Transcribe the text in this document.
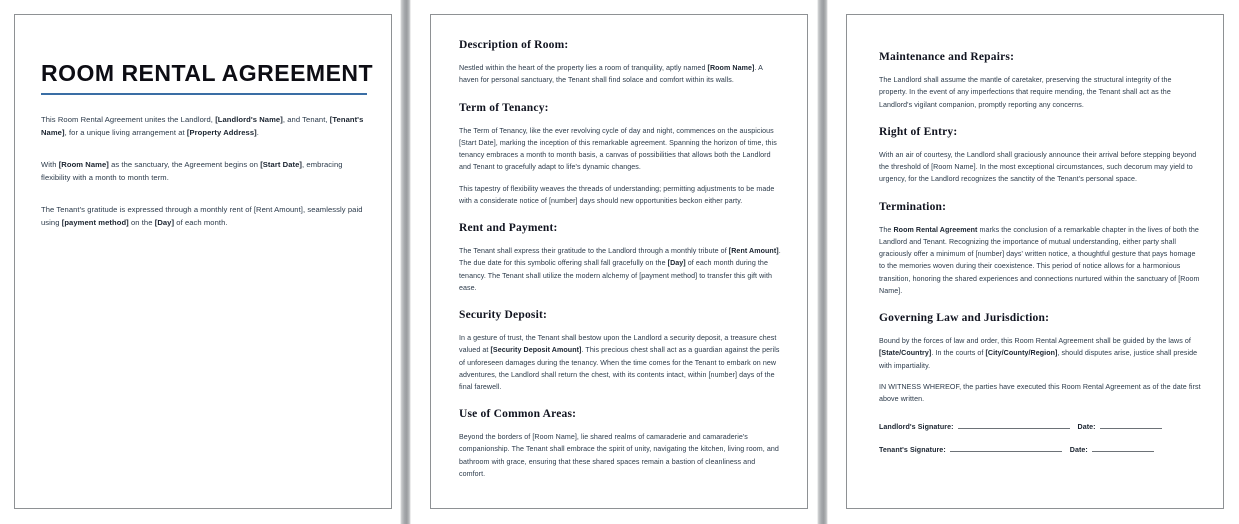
ROOM RENTAL AGREEMENT

This Room Rental Agreement unites the Landlord, [Landlord's Name], and Tenant, [Tenant's Name], for a unique living arrangement at [Property Address].

With [Room Name] as the sanctuary, the Agreement begins on [Start Date], embracing flexibility with a month to month term.

The Tenant's gratitude is expressed through a monthly rent of [Rent Amount], seamlessly paid using [payment method] on the [Day] of each month.

Description of Room:

Nestled within the heart of the property lies a room of tranquility, aptly named [Room Name]. A haven for personal sanctuary, the Tenant shall find solace and comfort within its walls.

Term of Tenancy:

The Term of Tenancy, like the ever revolving cycle of day and night, commences on the auspicious [Start Date], marking the inception of this remarkable agreement. Spanning the horizon of time, this tenancy embraces a month to month basis, a canvas of possibilities that allows both the Landlord and Tenant to gracefully adapt to life's dynamic changes.

This tapestry of flexibility weaves the threads of understanding; permitting adjustments to be made with a considerate notice of [number] days should new opportunities beckon either party.

Rent and Payment:

The Tenant shall express their gratitude to the Landlord through a monthly tribute of [Rent Amount]. The due date for this symbolic offering shall fall gracefully on the [Day] of each month during the tenancy. The Tenant shall utilize the modern alchemy of [payment method] to transfer this gift with ease.

Security Deposit:

In a gesture of trust, the Tenant shall bestow upon the Landlord a security deposit, a treasure chest valued at [Security Deposit Amount]. This precious chest shall act as a guardian against the perils of unforeseen damages during the tenancy. When the time comes for the Tenant to embark on new adventures, the Landlord shall return the chest, with its contents intact, within [number] days of the final farewell.

Use of Common Areas:

Beyond the borders of [Room Name], lie shared realms of camaraderie and camaraderie's companionship. The Tenant shall embrace the spirit of unity, navigating the kitchen, living room, and bathroom with grace, ensuring that these shared spaces remain a bastion of cleanliness and comfort.

Maintenance and Repairs:

The Landlord shall assume the mantle of caretaker, preserving the structural integrity of the property. In the event of any imperfections that require mending, the Tenant shall act as the Landlord's vigilant companion, promptly reporting any concerns.

Right of Entry:

With an air of courtesy, the Landlord shall graciously announce their arrival before stepping beyond the threshold of [Room Name]. In the most exceptional circumstances, such decorum may yield to urgency, for the Landlord recognizes the sanctity of the Tenant's personal space.

Termination:

The Room Rental Agreement marks the conclusion of a remarkable chapter in the lives of both the Landlord and Tenant. Recognizing the importance of mutual understanding, either party shall graciously offer a minimum of [number] days' written notice, a thoughtful gesture that pays homage to the memories woven during their coexistence. This period of notice allows for a harmonious transition, honoring the shared experiences and connections nurtured within the sanctuary of [Room Name].

Governing Law and Jurisdiction:

Bound by the forces of law and order, this Room Rental Agreement shall be guided by the laws of [State/Country]. In the courts of [City/County/Region], should disputes arise, justice shall preside with impartiality.

IN WITNESS WHEREOF, the parties have executed this Room Rental Agreement as of the date first above written.

Landlord's Signature:	Date:
Tenant's Signature:	Date:
